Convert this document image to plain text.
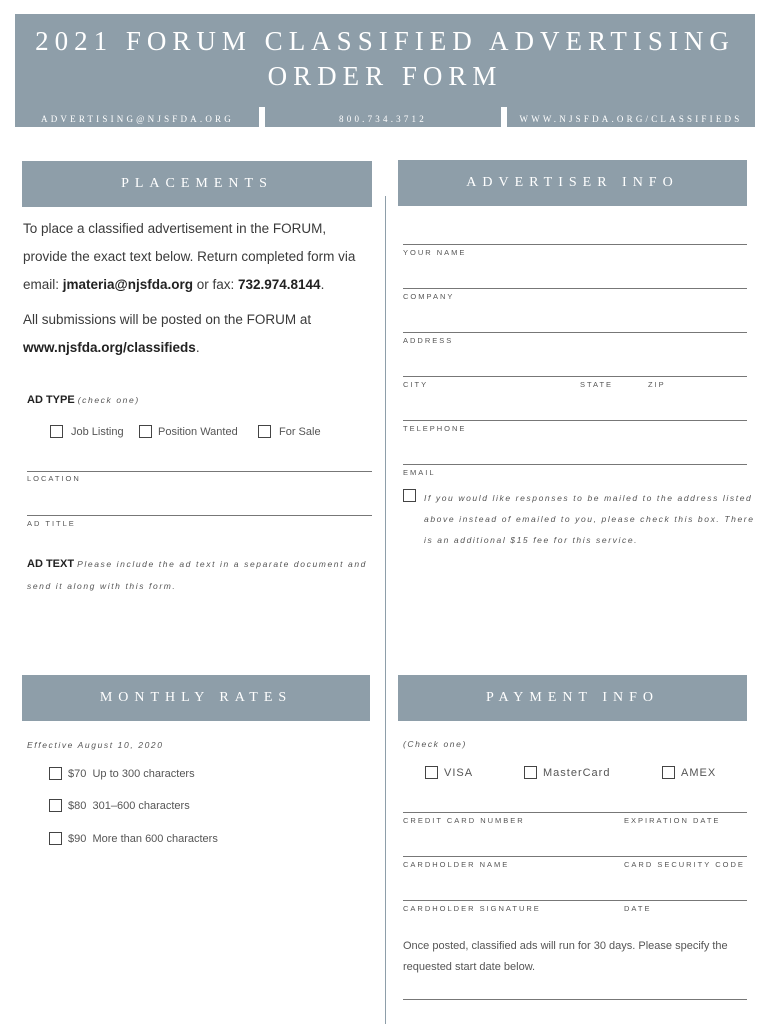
2021 FORUM CLASSIFIED ADVERTISING
ORDER FORM
ADVERTISING@NJSFDA.ORG	800.734.3712	WWW.NJSFDA.ORG/CLASSIFIEDS
PLACEMENTS
To place a classified advertisement in the FORUM,
provide the exact text below. Return completed form via
email: jmateria@njsfda.org or fax: 732.974.8144.
All submissions will be posted on the FORUM at
www.njsfda.org/classifieds.
AD TYPE (check one)
Job Listing	Position Wanted	For Sale
LOCATION
AD TITLE
AD TEXT Please include the ad text in a separate document and
send it along with this form.
ADVERTISER INFO
YOUR NAME
COMPANY
ADDRESS
CITY	STATE	ZIP
TELEPHONE
EMAIL
If you would like responses to be mailed to the address listed
above instead of emailed to you, please check this box. There
is an additional $15 fee for this service.
MONTHLY RATES
Effective August 10, 2020
$70 Up to 300 characters
$80 301–600 characters
$90 More than 600 characters
PAYMENT INFO
(Check one)
VISA	MasterCard	AMEX
CREDIT CARD NUMBER	EXPIRATION DATE
CARDHOLDER NAME	CARD SECURITY CODE
CARDHOLDER SIGNATURE	DATE
Once posted, classified ads will run for 30 days. Please specify the
requested start date below.
